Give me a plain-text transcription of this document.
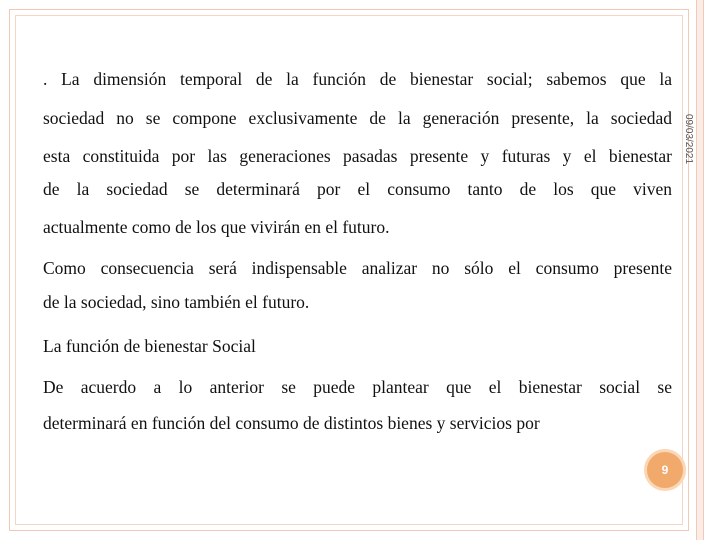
09/03/2021

. La dimensión temporal de la función de bienestar social; sabemos que la

sociedad no se compone exclusivamente de la generación presente, la sociedad

esta constituida por las generaciones pasadas presente y futuras y el bienestar

de la sociedad se determinará por el consumo tanto de los que viven

actualmente como de los que vivirán en el futuro.

Como consecuencia será indispensable analizar no sólo el consumo presente

de la sociedad, sino también el futuro.

La función de bienestar Social

De acuerdo a lo anterior se puede plantear que el bienestar social se

determinará en función del consumo de distintos bienes y servicios por

9
